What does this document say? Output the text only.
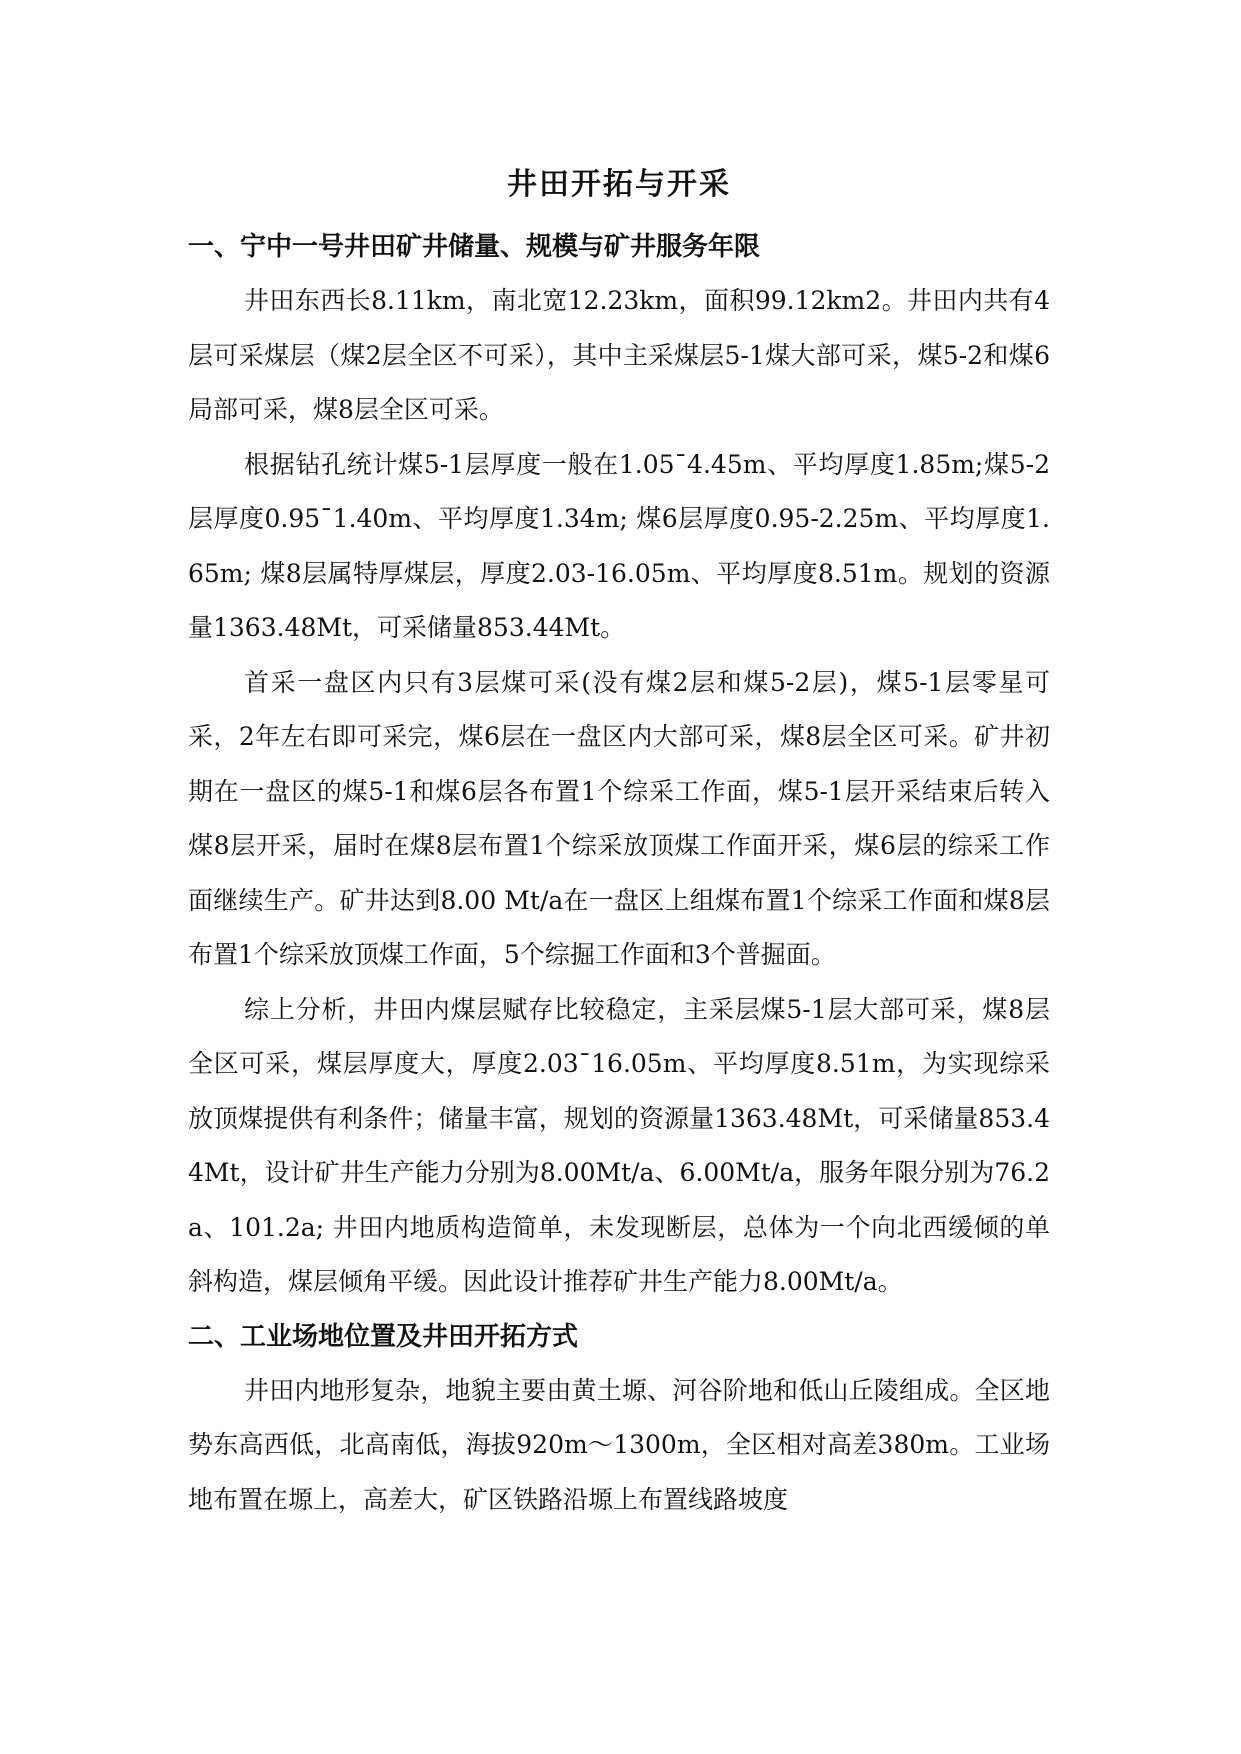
井田开拓与开采
一、宁中一号井田矿井储量、规模与矿井服务年限

井田东西长8.11km，南北宽12.23km，面积99.12km2。井田内共有4层可采煤层（煤2层全区不可采），其中主采煤层5-1煤大部可采，煤5-2和煤6局部可采，煤8层全区可采。

根据钻孔统计煤5-1层厚度一般在1.05¯4.45m、平均厚度1.85m;煤5-2层厚度0.95¯1.40m、平均厚度1.34m; 煤6层厚度0.95-2.25m、平均厚度1.65m; 煤8层属特厚煤层，厚度2.03-16.05m、平均厚度8.51m。规划的资源量1363.48Mt，可采储量853.44Mt。

首采一盘区内只有3层煤可采(没有煤2层和煤5-2层)，煤5-1层零星可采，2年左右即可采完，煤6层在一盘区内大部可采，煤8层全区可采。矿井初期在一盘区的煤5-1和煤6层各布置1个综采工作面，煤5-1层开采结束后转入煤8层开采，届时在煤8层布置1个综采放顶煤工作面开采，煤6层的综采工作面继续生产。矿井达到8.00 Mt/a在一盘区上组煤布置1个综采工作面和煤8层布置1个综采放顶煤工作面，5个综掘工作面和3个普掘面。

综上分析，井田内煤层赋存比较稳定，主采层煤5-1层大部可采，煤8层全区可采，煤层厚度大，厚度2.03¯16.05m、平均厚度8.51m，为实现综采放顶煤提供有利条件；储量丰富，规划的资源量1363.48Mt，可采储量853.44Mt，设计矿井生产能力分别为8.00Mt/a、6.00Mt/a，服务年限分别为76.2a、101.2a; 井田内地质构造简单，未发现断层，总体为一个向北西缓倾的单斜构造，煤层倾角平缓。因此设计推荐矿井生产能力8.00Mt/a。

二、工业场地位置及井田开拓方式

井田内地形复杂，地貌主要由黄土塬、河谷阶地和低山丘陵组成。全区地势东高西低，北高南低，海拔920m～1300m，全区相对高差380m。工业场地布置在塬上，高差大，矿区铁路沿塬上布置线路坡度
